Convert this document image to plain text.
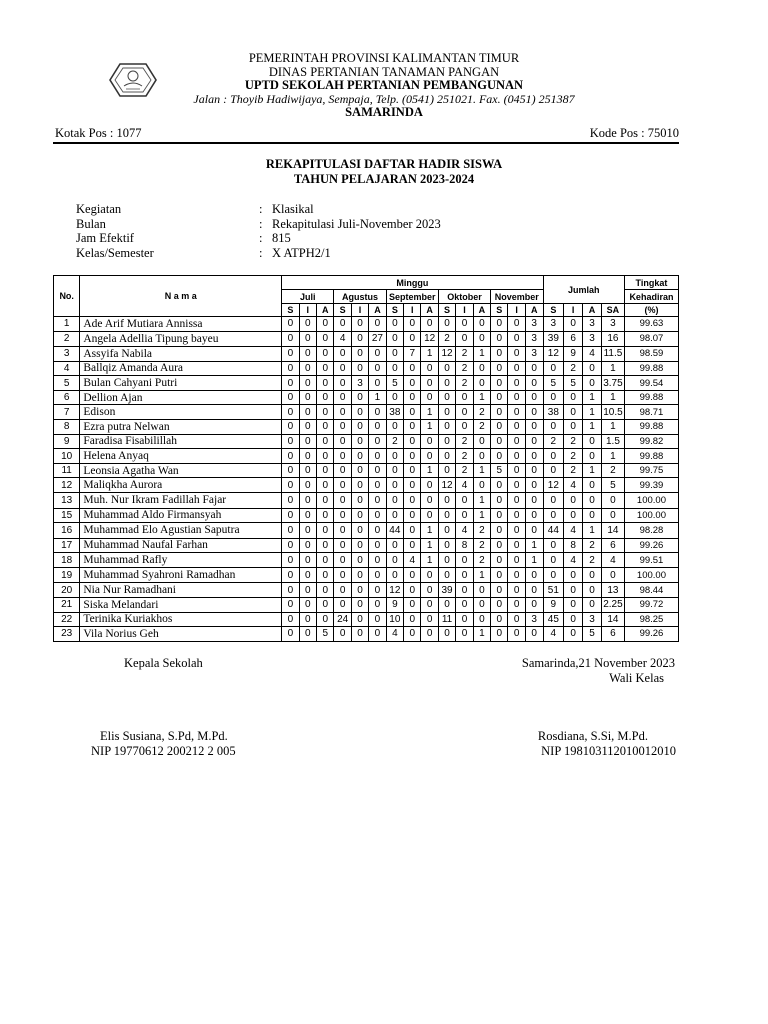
PEMERINTAH PROVINSI KALIMANTAN TIMUR
DINAS PERTANIAN TANAMAN PANGAN
UPTD SEKOLAH PERTANIAN PEMBANGUNAN
Jalan : Thoyib Hadiwijaya, Sempaja, Telp. (0541) 251021. Fax. (0451) 251387
SAMARINDA
Kotak Pos : 1077	Kode Pos : 75010
REKAPITULASI DAFTAR HADIR SISWA
TAHUN PELAJARAN 2023-2024
Kegiatan	: Klasikal
Bulan	: Rekapitulasi Juli-November 2023
Jam Efektif	: 815
Kelas/Semester	: X ATPH2/1
No.	N a m a	Minggu															Jumlah				Tingkat
		Juli			Agustus			September			Oktober			November							Kehadiran
		S	I	A	S	I	A	S	I	A	S	I	A	S	I	A	S	I	A	SA	(%)
1	Ade Arif Mutiara Annissa	0	0	0	0	0	0	0	0	0	0	0	0	0	0	3	3	0	3	3	99.63
2	Angela Adellia Tipung bayeu	0	0	0	4	0	27	0	0	12	2	0	0	0	0	3	39	6	3	16	98.07
3	Assyifa Nabila	0	0	0	0	0	0	0	7	1	12	2	1	0	0	3	12	9	4	11.5	98.59
4	Ballqiz Amanda Aura	0	0	0	0	0	0	0	0	0	0	2	0	0	0	0	0	2	0	1	99.88
5	Bulan Cahyani Putri	0	0	0	0	3	0	5	0	0	0	2	0	0	0	0	5	5	0	3.75	99.54
6	Dellion Ajan	0	0	0	0	0	1	0	0	0	0	0	1	0	0	0	0	0	1	1	99.88
7	Edison	0	0	0	0	0	0	38	0	1	0	0	2	0	0	0	38	0	1	10.5	98.71
8	Ezra putra Nelwan	0	0	0	0	0	0	0	0	1	0	0	2	0	0	0	0	0	1	1	99.88
9	Faradisa Fisabilillah	0	0	0	0	0	0	2	0	0	0	2	0	0	0	0	2	2	0	1.5	99.82
10	Helena Anyaq	0	0	0	0	0	0	0	0	0	0	2	0	0	0	0	0	2	0	1	99.88
11	Leonsia Agatha Wan	0	0	0	0	0	0	0	0	1	0	2	1	5	0	0	0	2	1	2	99.75
12	Maliqkha Aurora	0	0	0	0	0	0	0	0	0	12	4	0	0	0	0	12	4	0	5	99.39
13	Muh. Nur Ikram Fadillah Fajar	0	0	0	0	0	0	0	0	0	0	0	1	0	0	0	0	0	0	0	100.00
15	Muhammad Aldo Firmansyah	0	0	0	0	0	0	0	0	0	0	0	1	0	0	0	0	0	0	0	100.00
16	Muhammad Elo Agustian Saputra	0	0	0	0	0	0	44	0	1	0	4	2	0	0	0	44	4	1	14	98.28
17	Muhammad Naufal Farhan	0	0	0	0	0	0	0	0	1	0	8	2	0	0	1	0	8	2	6	99.26
18	Muhammad Rafly	0	0	0	0	0	0	0	4	1	0	0	2	0	0	1	0	4	2	4	99.51
19	Muhammad Syahroni Ramadhan	0	0	0	0	0	0	0	0	0	0	0	1	0	0	0	0	0	0	0	100.00
20	Nia Nur Ramadhani	0	0	0	0	0	0	12	0	0	39	0	0	0	0	0	51	0	0	13	98.44
21	Siska Melandari	0	0	0	0	0	0	9	0	0	0	0	0	0	0	0	9	0	0	2.25	99.72
22	Terinika Kuriakhos	0	0	0	24	0	0	10	0	0	11	0	0	0	0	3	45	0	3	14	98.25
23	Vila Norius Geh	0	0	5	0	0	0	4	0	0	0	0	1	0	0	0	4	0	5	6	99.26
Kepala Sekolah
Elis Susiana, S.Pd, M.Pd.
NIP 19770612 200212 2 005
Samarinda,21 November 2023
Wali Kelas
Rosdiana, S.Si, M.Pd.
NIP 198103112010012010
